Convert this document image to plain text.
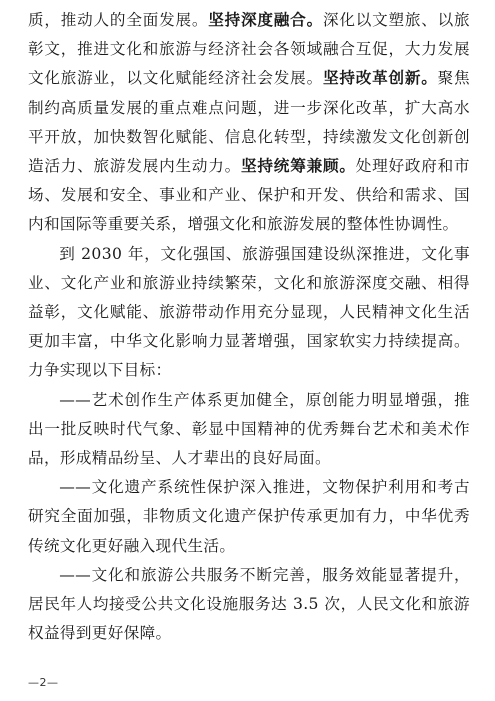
质，推动人的全面发展。坚持深度融合。深化以文塑旅、以旅彰文，推进文化和旅游与经济社会各领域融合互促，大力发展文化旅游业，以文化赋能经济社会发展。坚持改革创新。聚焦制约高质量发展的重点难点问题，进一步深化改革，扩大高水平开放，加快数智化赋能、信息化转型，持续激发文化创新创造活力、旅游发展内生动力。坚持统筹兼顾。处理好政府和市场、发展和安全、事业和产业、保护和开发、供给和需求、国内和国际等重要关系，增强文化和旅游发展的整体性协调性。

到 2030 年，文化强国、旅游强国建设纵深推进，文化事业、文化产业和旅游业持续繁荣，文化和旅游深度交融、相得益彰，文化赋能、旅游带动作用充分显现，人民精神文化生活更加丰富，中华文化影响力显著增强，国家软实力持续提高。力争实现以下目标：

——艺术创作生产体系更加健全，原创能力明显增强，推出一批反映时代气象、彰显中国精神的优秀舞台艺术和美术作品，形成精品纷呈、人才辈出的良好局面。

——文化遗产系统性保护深入推进，文物保护利用和考古研究全面加强，非物质文化遗产保护传承更加有力，中华优秀传统文化更好融入现代生活。

——文化和旅游公共服务不断完善，服务效能显著提升，居民年人均接受公共文化设施服务达 3.5 次，人民文化和旅游权益得到更好保障。

—2—
